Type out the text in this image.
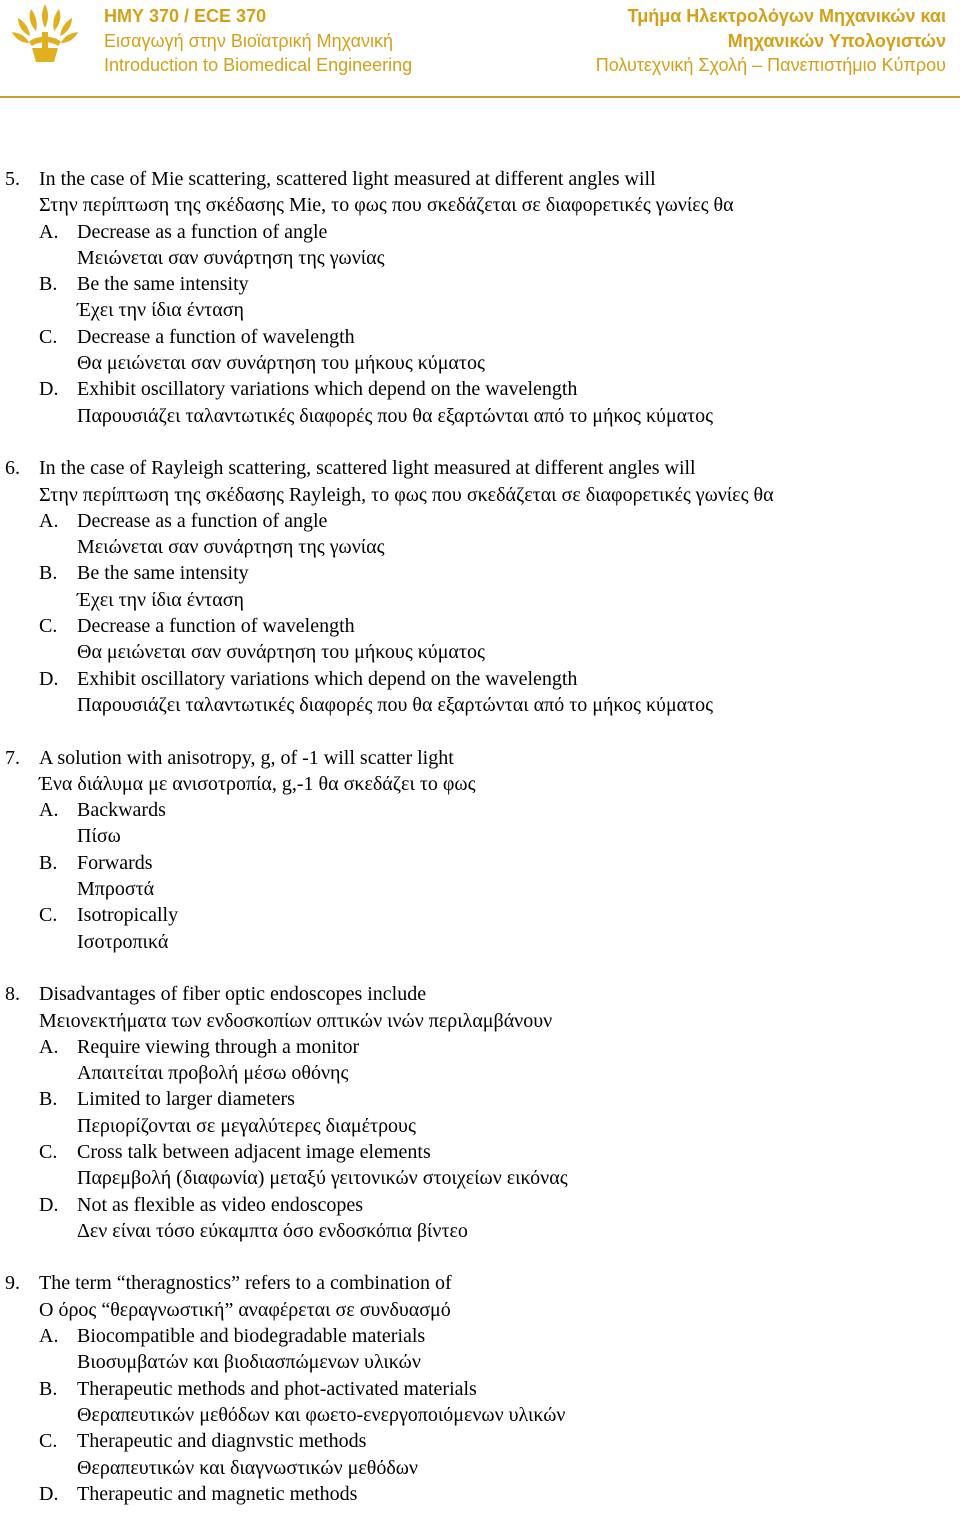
ΗΜΥ 370 / ECE 370
Εισαγωγή στην Βιοϊατρική Μηχανική
Introduction to Biomedical Engineering
Τμήμα Ηλεκτρολόγων Μηχανικών και
Μηχανικών Υπολογιστών
Πολυτεχνική Σχολή – Πανεπιστήμιο Κύπρου
5. In the case of Mie scattering, scattered light measured at different angles will
Στην περίπτωση της σκέδασης Mie, το φως που σκεδάζεται σε διαφορετικές γωνίες θα
A. Decrease as a function of angle
Μειώνεται σαν συνάρτηση της γωνίας
B. Be the same intensity
Έχει την ίδια ένταση
C. Decrease a function of wavelength
Θα μειώνεται σαν συνάρτηση του μήκους κύματος
D. Exhibit oscillatory variations which depend on the wavelength
Παρουσιάζει ταλαντωτικές διαφορές που θα εξαρτώνται από το μήκος κύματος
6. In the case of Rayleigh scattering, scattered light measured at different angles will
Στην περίπτωση της σκέδασης Rayleigh, το φως που σκεδάζεται σε διαφορετικές γωνίες θα
A. Decrease as a function of angle
Μειώνεται σαν συνάρτηση της γωνίας
B. Be the same intensity
Έχει την ίδια ένταση
C. Decrease a function of wavelength
Θα μειώνεται σαν συνάρτηση του μήκους κύματος
D. Exhibit oscillatory variations which depend on the wavelength
Παρουσιάζει ταλαντωτικές διαφορές που θα εξαρτώνται από το μήκος κύματος
7. A solution with anisotropy, g, of -1 will scatter light
Ένα διάλυμα με ανισοτροπία, g,-1 θα σκεδάζει το φως
A. Backwards
Πίσω
B. Forwards
Μπροστά
C. Isotropically
Ισοτροπικά
8. Disadvantages of fiber optic endoscopes include
Μειονεκτήματα των ενδοσκοπίων οπτικών ινών περιλαμβάνουν
A. Require viewing through a monitor
Απαιτείται προβολή μέσω οθόνης
B. Limited to larger diameters
Περιορίζονται σε μεγαλύτερες διαμέτρους
C. Cross talk between adjacent image elements
Παρεμβολή (διαφωνία) μεταξύ γειτονικών στοιχείων εικόνας
D. Not as flexible as video endoscopes
Δεν είναι τόσο εύκαμπτα όσο ενδοσκόπια βίντεο
9. The term “theragnostics” refers to a combination of
Ο όρος “θεραγνωστική” αναφέρεται σε συνδυασμό
A. Biocompatible and biodegradable materials
Βιοσυμβατών και βιοδιασπώμενων υλικών
B. Therapeutic methods and phot-activated materials
Θεραπευτικών μεθόδων και φωετο-ενεργοποιόμενων υλικών
C. Therapeutic and diagnvstic methods
Θεραπευτικών και διαγνωστικών μεθόδων
D. Therapeutic and magnetic methods
